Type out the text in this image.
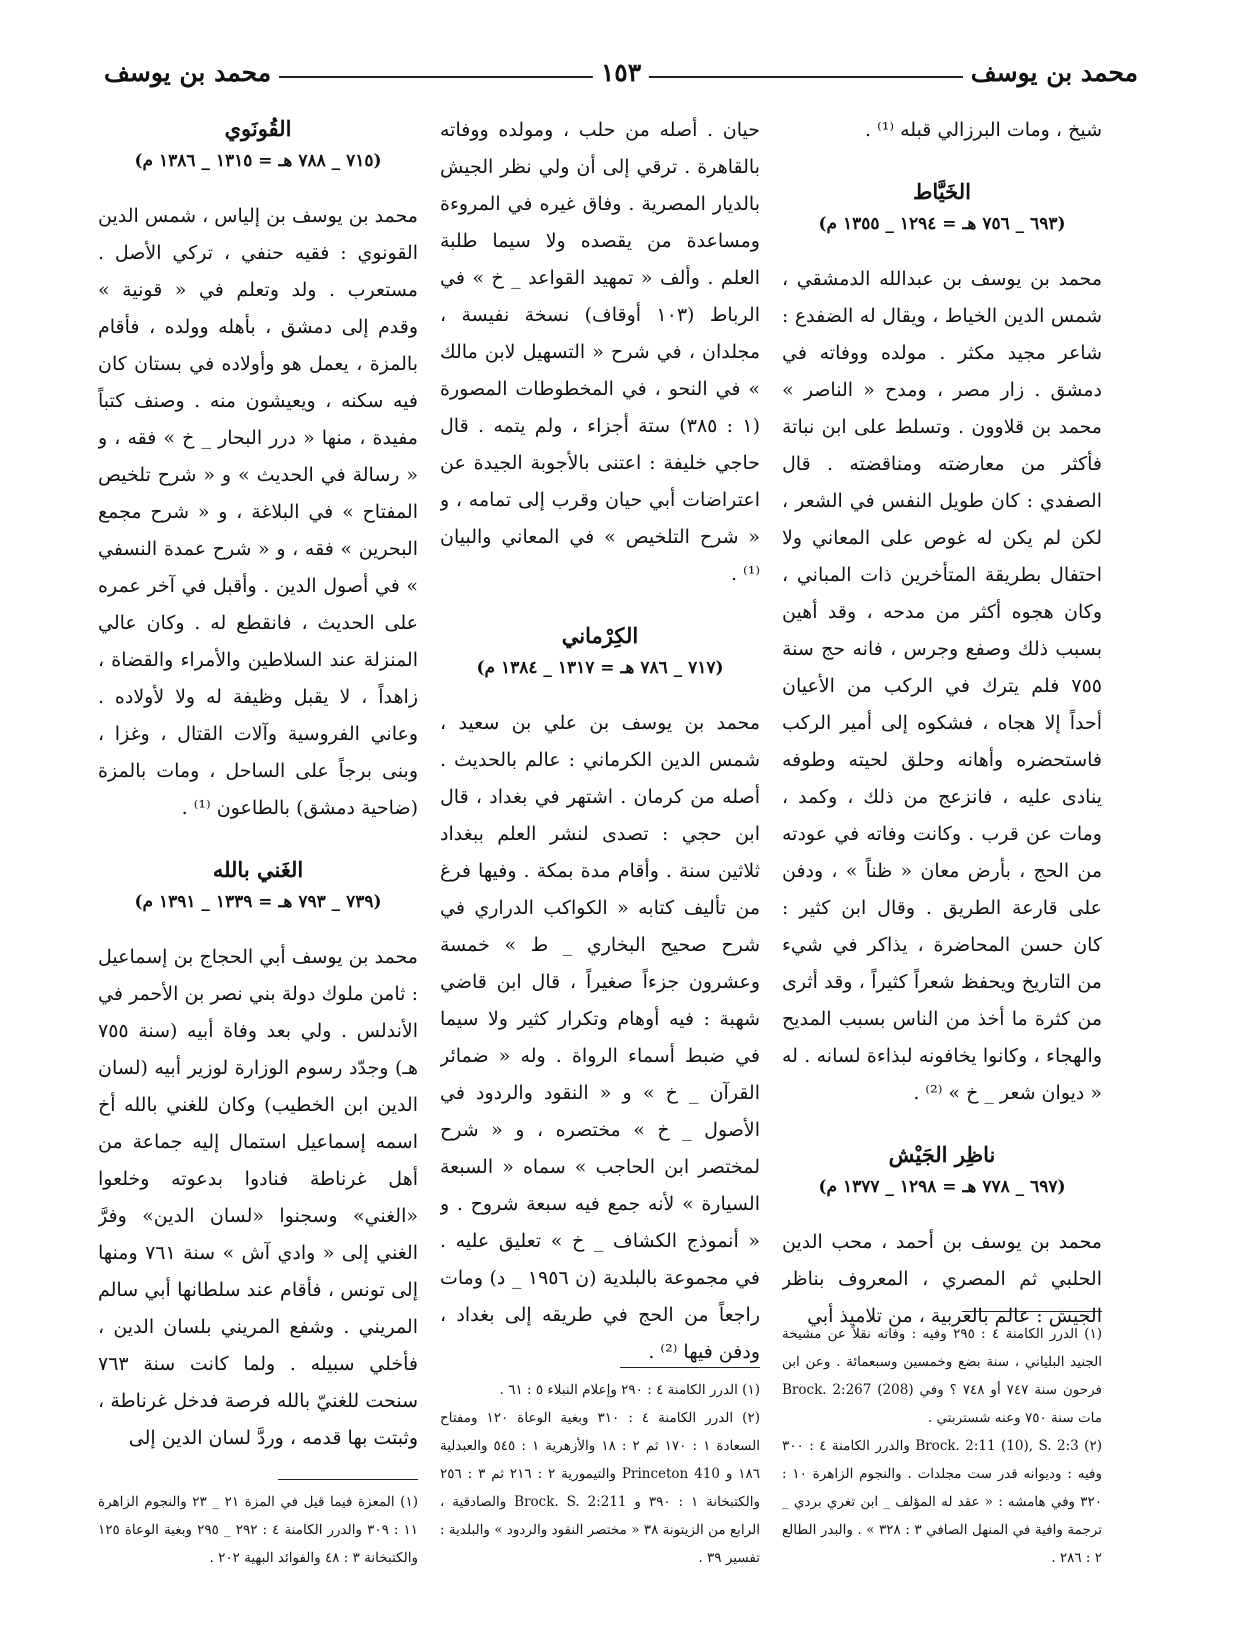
محمد بن يوسف
١٥٣
محمد بن يوسف

شيخ ، ومات البرزالي قبله ⁽¹⁾ .

الخَيَّاط
(٦٩٣ _ ٧٥٦ هـ = ١٢٩٤ _ ١٣٥٥ م)

محمد بن يوسف بن عبدالله الدمشقي ، شمس الدين الخياط ، ويقال له الضفدع : شاعر مجيد مكثر . مولده ووفاته في دمشق . زار مصر ، ومدح « الناصر » محمد بن قلاوون . وتسلط على ابن نباتة فأكثر من معارضته ومناقضته . قال الصفدي : كان طويل النفس في الشعر ، لكن لم يكن له غوص على المعاني ولا احتفال بطريقة المتأخرين ذات المباني ، وكان هجوه أكثر من مدحه ، وقد أهين بسبب ذلك وصفع وجرس ، فانه حج سنة ٧٥٥ فلم يترك في الركب من الأعيان أحداً إلا هجاه ، فشكوه إلى أمير الركب فاستحضره وأهانه وحلق لحيته وطوفه ينادى عليه ، فانزعج من ذلك ، وكمد ، ومات عن قرب . وكانت وفاته في عودته من الحج ، بأرض معان « ظناً » ، ودفن على قارعة الطريق . وقال ابن كثير : كان حسن المحاضرة ، يذاكر في شيء من التاريخ ويحفظ شعراً كثيراً ، وقد أثرى من كثرة ما أخذ من الناس بسبب المديح والهجاء ، وكانوا يخافونه لبذاءة لسانه . له « ديوان شعر _ خ » ⁽²⁾ .

ناظِر الجَيْش
(٦٩٧ _ ٧٧٨ هـ = ١٢٩٨ _ ١٣٧٧ م)

محمد بن يوسف بن أحمد ، محب الدين الحلبي ثم المصري ، المعروف بناظر الجيش : عالم بالعربية ، من تلاميذ أبي

(١) الدرر الكامنة ٤ : ٢٩٥ وفيه : وفاته نقلاً عن مشيخة الجنيد البلياني ، سنة بضع وخمسين وسبعمائة . وعن ابن فرحون سنة ٧٤٧ أو ٧٤٨ ؟ وفي Brock. 2:267 (208) مات سنة ٧٥٠ وعنه شستربتي .

(٢) Brock. 2:11 (10), S. 2:3 والدرر الكامنة ٤ : ٣٠٠ وفيه : وديوانه قدر ست مجلدات . والنجوم الزاهرة ١٠ : ٣٢٠ وفي هامشه : « عقد له المؤلف _ ابن تغري بردي _ ترجمة وافية في المنهل الصافي ٣ : ٣٢٨ » . والبدر الطالع ٢ : ٢٨٦ .

حيان . أصله من حلب ، ومولده ووفاته بالقاهرة . ترقي إلى أن ولي نظر الجيش بالديار المصرية . وفاق غيره في المروءة ومساعدة من يقصده ولا سيما طلبة العلم . وألف « تمهيد القواعد _ خ » في الرباط (١٠٣ أوقاف) نسخة نفيسة ، مجلدان ، في شرح « التسهيل لابن مالك » في النحو ، في المخطوطات المصورة (١ : ٣٨٥) ستة أجزاء ، ولم يتمه . قال حاجي خليفة : اعتنى بالأجوبة الجيدة عن اعتراضات أبي حيان وقرب إلى تمامه ، و « شرح التلخيص » في المعاني والبيان ⁽¹⁾ .

الكِرْماني
(٧١٧ _ ٧٨٦ هـ = ١٣١٧ _ ١٣٨٤ م)

محمد بن يوسف بن علي بن سعيد ، شمس الدين الكرماني : عالم بالحديث . أصله من كرمان . اشتهر في بغداد ، قال ابن حجي : تصدى لنشر العلم ببغداد ثلاثين سنة . وأقام مدة بمكة . وفيها فرغ من تأليف كتابه « الكواكب الدراري في شرح صحيح البخاري _ ط » خمسة وعشرون جزءاً صغيراً ، قال ابن قاضي شهبة : فيه أوهام وتكرار كثير ولا سيما في ضبط أسماء الرواة . وله « ضمائر القرآن _ خ » و « النقود والردود في الأصول _ خ » مختصره ، و « شرح لمختصر ابن الحاجب » سماه « السبعة السيارة » لأنه جمع فيه سبعة شروح . و « أنموذج الكشاف _ خ » تعليق عليه . في مجموعة بالبلدية (ن ١٩٥٦ _ د) ومات راجعاً من الحج في طريقه إلى بغداد ، ودفن فيها ⁽²⁾ .

(١) الدرر الكامنة ٤ : ٢٩٠ وإعلام النبلاء ٥ : ٦١ .

(٢) الدرر الكامنة ٤ : ٣١٠ وبغية الوعاة ١٢٠ ومفتاح السعادة ١ : ١٧٠ ثم ٢ : ١٨ والأزهرية ١ : ٥٤٥ والعبدلية ١٨٦ و Princeton 410 والتيمورية ٢ : ٢١٦ ثم ٣ : ٢٥٦ والكتبخانة ١ : ٣٩٠ و Brock. S. 2:211 والصادقية ، الرابع من الزيتونة ٣٨ « مختصر النقود والردود » والبلدية : تفسير ٣٩ .

القُونَوي
(٧١٥ _ ٧٨٨ هـ = ١٣١٥ _ ١٣٨٦ م)

محمد بن يوسف بن إلياس ، شمس الدين القونوي : فقيه حنفي ، تركي الأصل . مستعرب . ولد وتعلم في « قونية » وقدم إلى دمشق ، بأهله وولده ، فأقام بالمزة ، يعمل هو وأولاده في بستان كان فيه سكنه ، ويعيشون منه . وصنف كتباً مفيدة ، منها « درر البحار _ خ » فقه ، و « رسالة في الحديث » و « شرح تلخيص المفتاح » في البلاغة ، و « شرح مجمع البحرين » فقه ، و « شرح عمدة النسفي » في أصول الدين . وأقبل في آخر عمره على الحديث ، فانقطع له . وكان عالي المنزلة عند السلاطين والأمراء والقضاة ، زاهداً ، لا يقبل وظيفة له ولا لأولاده . وعاني الفروسية وآلات القتال ، وغزا ، وبنى برجاً على الساحل ، ومات بالمزة (ضاحية دمشق) بالطاعون ⁽¹⁾ .

الغَني بالله
(٧٣٩ _ ٧٩٣ هـ = ١٣٣٩ _ ١٣٩١ م)

محمد بن يوسف أبي الحجاج بن إسماعيل : ثامن ملوك دولة بني نصر بن الأحمر في الأندلس . ولي بعد وفاة أبيه (سنة ٧٥٥ هـ) وجدّد رسوم الوزارة لوزير أبيه (لسان الدين ابن الخطيب) وكان للغني بالله أخ اسمه إسماعيل استمال إليه جماعة من أهل غرناطة فنادوا بدعوته وخلعوا «الغني» وسجنوا «لسان الدين» وفرَّ الغني إلى « وادي آش » سنة ٧٦١ ومنها إلى تونس ، فأقام عند سلطانها أبي سالم المريني . وشفع المريني بلسان الدين ، فأخلي سبيله . ولما كانت سنة ٧٦٣ سنحت للغنيّ بالله فرصة فدخل غرناطة ، وثبتت بها قدمه ، وردَّ لسان الدين إلى

(١) المعزة فيما قيل في المزة ٢١ _ ٢٣ والنجوم الزاهرة ١١ : ٣٠٩ والدرر الكامنة ٤ : ٢٩٢ _ ٢٩٥ وبغية الوعاة ١٢٥ والكتبخانة ٣ : ٤٨ والفوائد البهية ٢٠٢ .
